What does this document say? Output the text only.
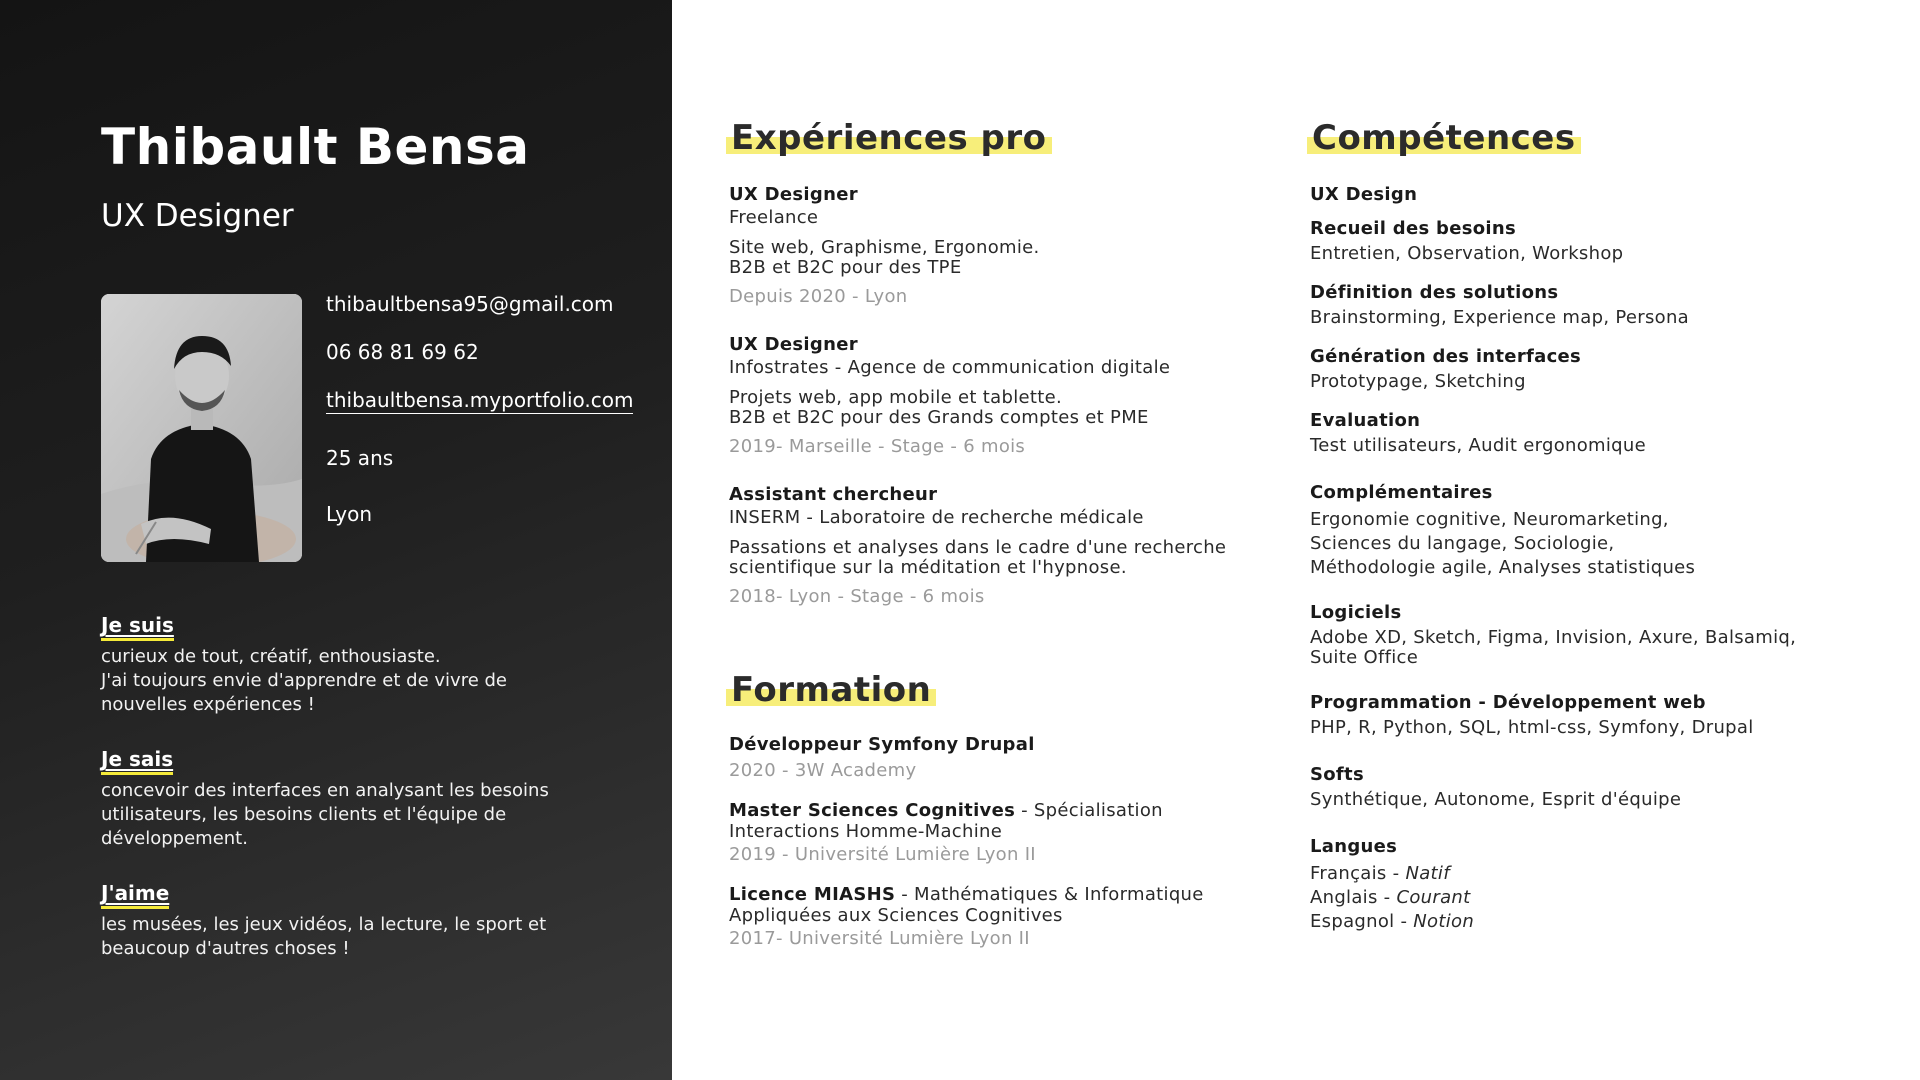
Thibault Bensa
UX Designer
thibaultbensa95@gmail.com
06 68 81 69 62
thibaultbensa.myportfolio.com
25 ans
Lyon
Je suis
curieux de tout, créatif, enthousiaste.
J'ai toujours envie d'apprendre et de vivre de nouvelles expériences !
Je sais
concevoir des interfaces en analysant les besoins utilisateurs, les besoins clients et l'équipe de développement.
J'aime
les musées, les jeux vidéos, la lecture, le sport et beaucoup d'autres choses !
Expériences pro
UX Designer
Freelance
Site web, Graphisme, Ergonomie.
B2B et B2C pour des TPE
Depuis 2020 - Lyon
UX Designer
Infostrates - Agence de communication digitale
Projets web, app mobile et tablette.
B2B et B2C pour des Grands comptes et PME
2019- Marseille - Stage - 6 mois
Assistant chercheur
INSERM - Laboratoire de recherche médicale
Passations et analyses dans le cadre d'une recherche scientifique sur la méditation et l'hypnose.
2018- Lyon - Stage - 6 mois
Formation
Développeur Symfony Drupal
2020 - 3W Academy
Master Sciences Cognitives - Spécialisation Interactions Homme-Machine
2019 - Université Lumière Lyon II
Licence MIASHS - Mathématiques & Informatique Appliquées aux Sciences Cognitives
2017- Université Lumière Lyon II
Compétences
UX Design
Recueil des besoins
Entretien, Observation, Workshop
Définition des solutions
Brainstorming, Experience map, Persona
Génération des interfaces
Prototypage, Sketching
Evaluation
Test utilisateurs, Audit ergonomique
Complémentaires
Ergonomie cognitive, Neuromarketing,
Sciences du langage, Sociologie,
Méthodologie agile, Analyses statistiques
Logiciels
Adobe XD, Sketch, Figma, Invision, Axure, Balsamiq,
Suite Office
Programmation - Développement web
PHP, R, Python, SQL, html-css, Symfony, Drupal
Softs
Synthétique, Autonome, Esprit d'équipe
Langues
Français - Natif
Anglais - Courant
Espagnol - Notion
